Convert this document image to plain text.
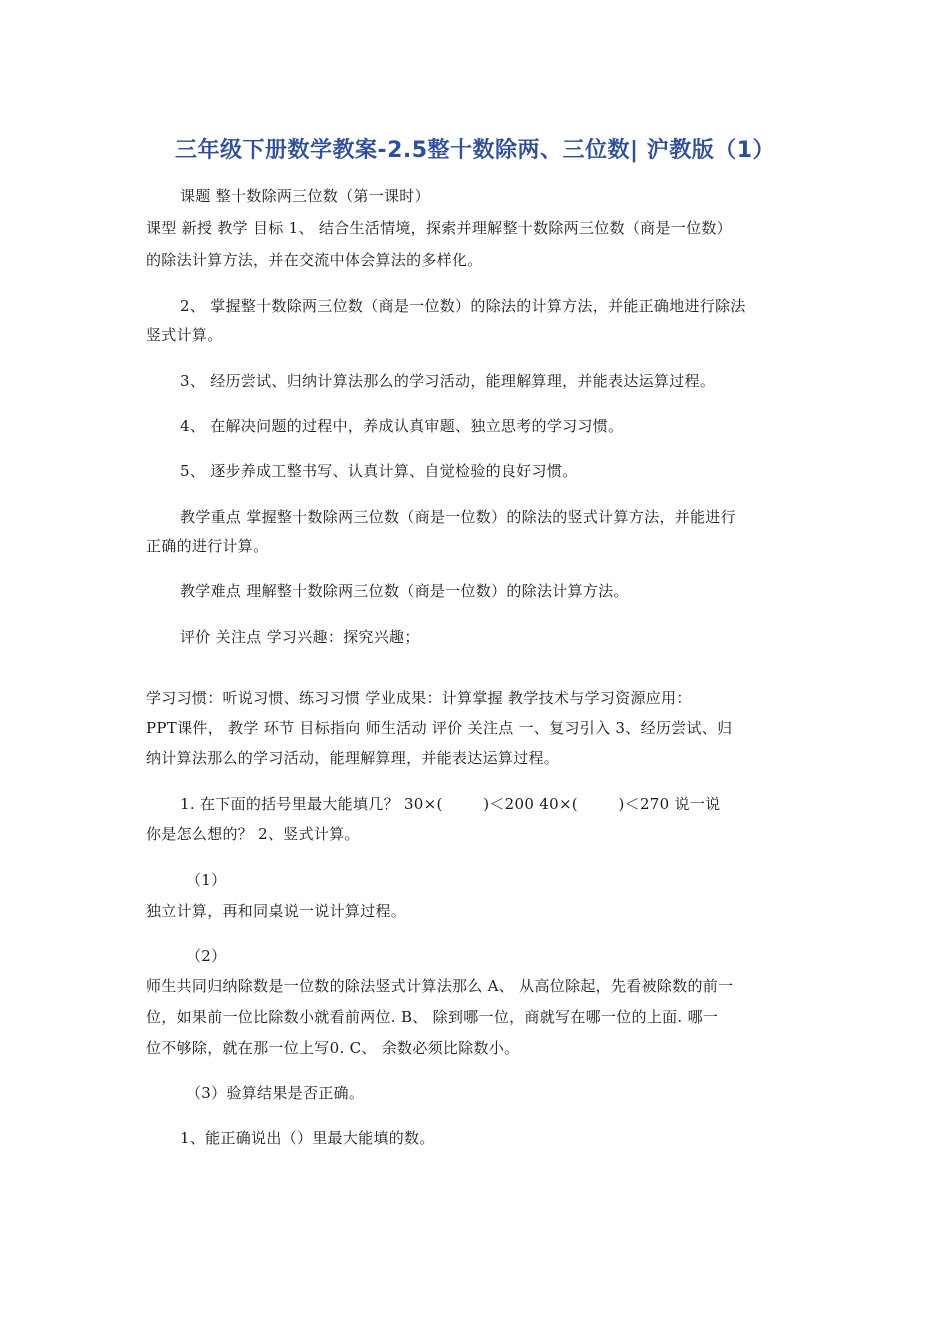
三年级下册数学教案-2.5整十数除两、三位数| 沪教版（1）
课题 整十数除两三位数（第一课时）
课型 新授 教学 目标 1、 结合生活情境，探索并理解整十数除两三位数（商是一位数）
的除法计算方法，并在交流中体会算法的多样化。
2、 掌握整十数除两三位数（商是一位数）的除法的计算方法，并能正确地进行除法
竖式计算。
3、 经历尝试、归纳计算法那么的学习活动，能理解算理，并能表达运算过程。
4、 在解决问题的过程中，养成认真审题、独立思考的学习习惯。
5、 逐步养成工整书写、认真计算、自觉检验的良好习惯。
教学重点 掌握整十数除两三位数（商是一位数）的除法的竖式计算方法，并能进行
正确的进行计算。
教学难点 理解整十数除两三位数（商是一位数）的除法计算方法。
评价 关注点 学习兴趣：探究兴趣；
学习习惯：听说习惯、练习习惯 学业成果：计算掌握 教学技术与学习资源应用：
PPT课件， 教学 环节 目标指向 师生活动 评价 关注点 一、复习引入 3、经历尝试、归
纳计算法那么的学习活动，能理解算理，并能表达运算过程。
1. 在下面的括号里最大能填几？ 30×(        )＜200 40×(        )＜270 说一说
你是怎么想的？ 2、竖式计算。
（1）
独立计算，再和同桌说一说计算过程。
（2）
师生共同归纳除数是一位数的除法竖式计算法那么 A、 从高位除起，先看被除数的前一
位，如果前一位比除数小就看前两位. B、 除到哪一位，商就写在哪一位的上面. 哪一
位不够除，就在那一位上写0. C、 余数必须比除数小。
（3）验算结果是否正确。
1、能正确说出（）里最大能填的数。
